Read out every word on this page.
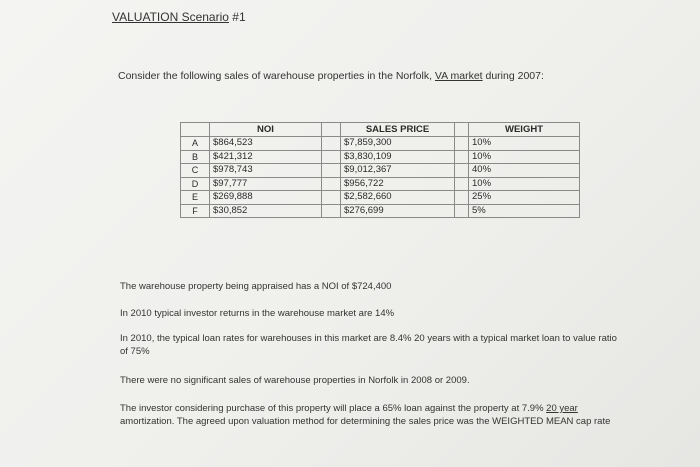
VALUATION Scenario #1
Consider the following sales of warehouse properties in the Norfolk, VA market during 2007:
	NOI		SALES PRICE		WEIGHT
A	$864,523		$7,859,300		10%
B	$421,312		$3,830,109		10%
C	$978,743		$9,012,367		40%
D	$97,777		$956,722		10%
E	$269,888		$2,582,660		25%
F	$30,852		$276,699		5%
The warehouse property being appraised has a NOI of $724,400
In 2010 typical investor returns in the warehouse market are 14%
In 2010, the typical loan rates for warehouses in this market are 8.4% 20 years with a typical market loan to value ratio of 75%
There were no significant sales of warehouse properties in Norfolk in 2008 or 2009.
The investor considering purchase of this property will place a 65% loan against the property at 7.9% 20 year amortization. The agreed upon valuation method for determining the sales price was the WEIGHTED MEAN cap rate
